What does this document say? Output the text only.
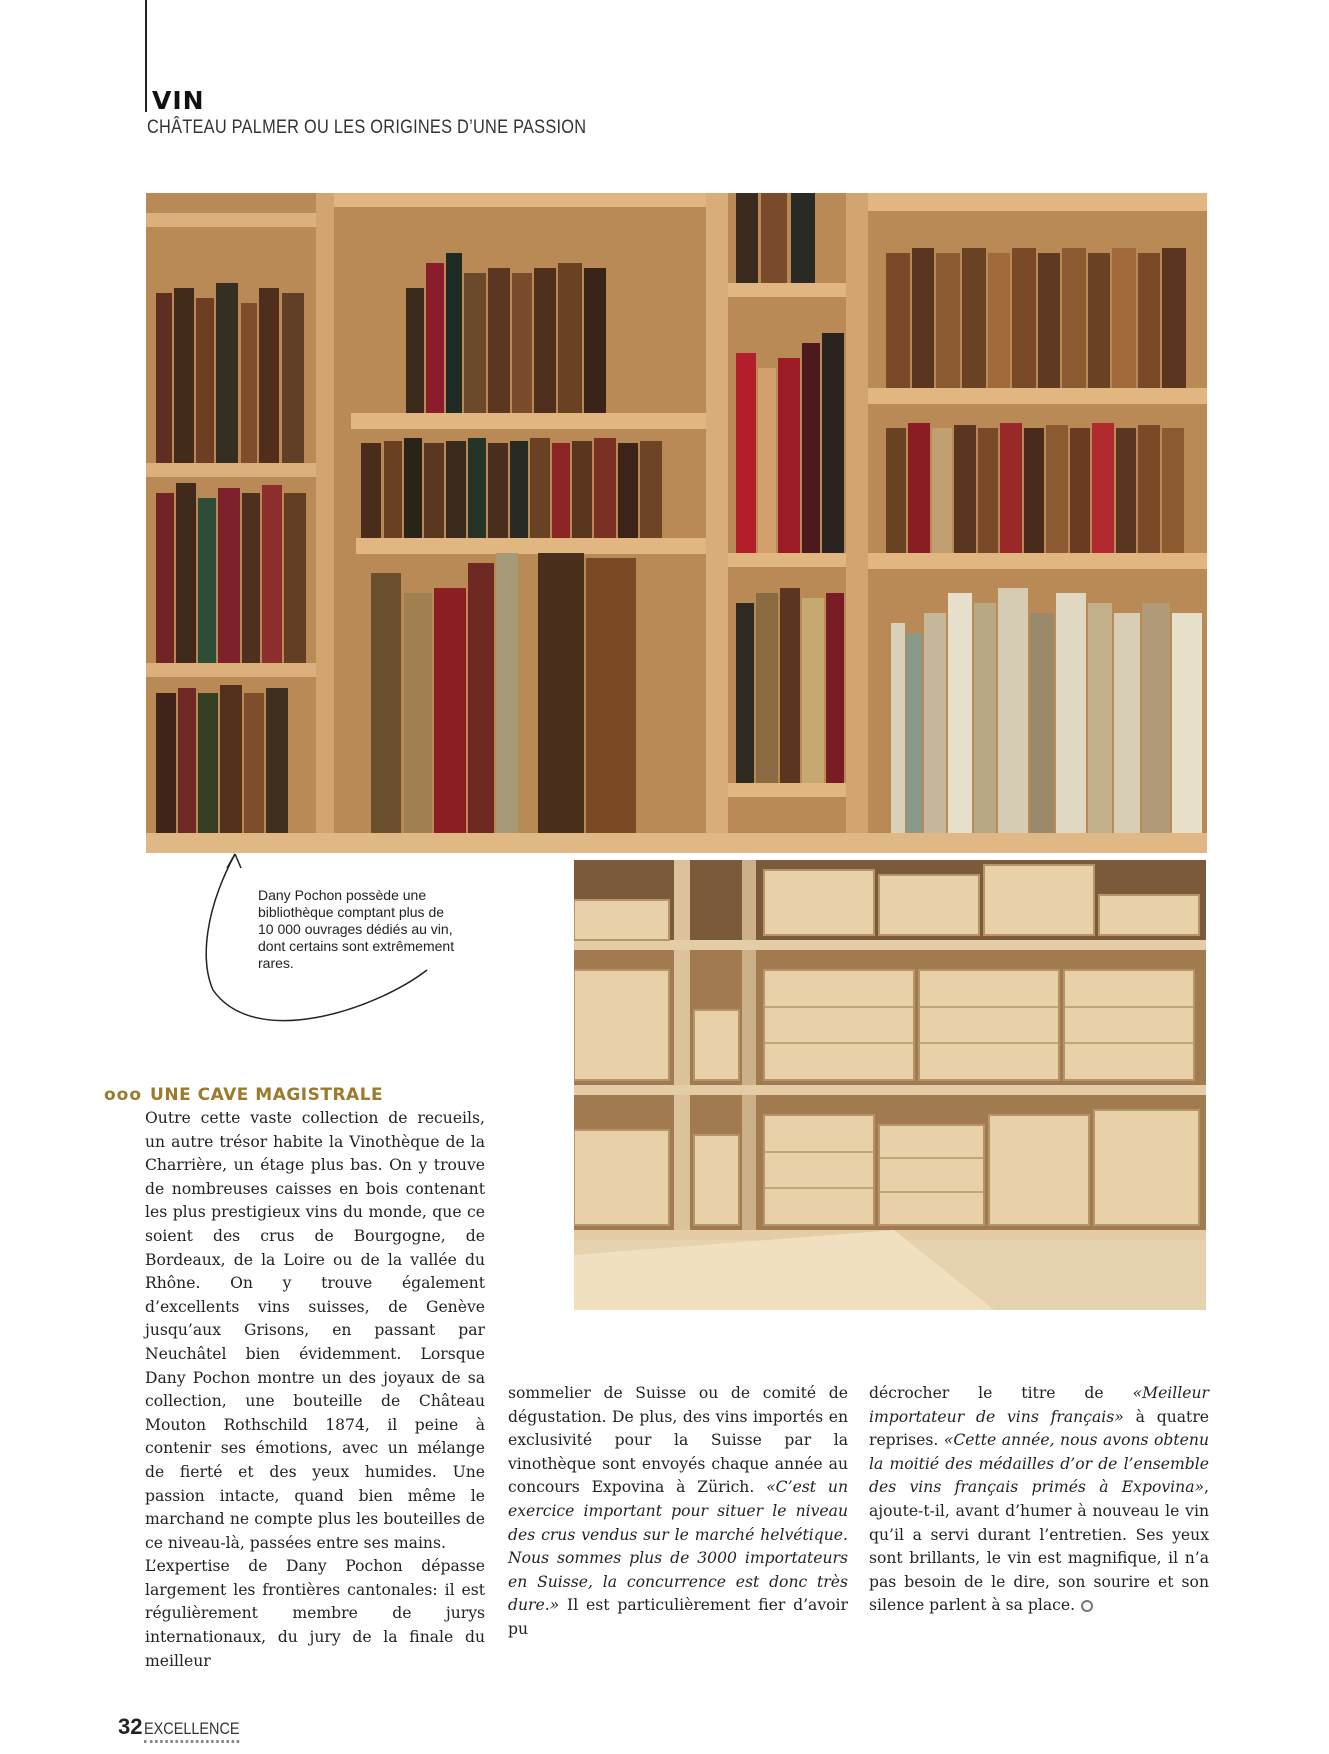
VIN
CHÂTEAU PALMER OU LES ORIGINES D’UNE PASSION
Dany Pochon possède une bibliothèque comptant plus de 10 000 ouvrages dédiés au vin, dont certains sont extrêmement rares.
ooo UNE CAVE MAGISTRALE

Outre cette vaste collection de recueils, un autre trésor habite la Vinothèque de la Charrière, un étage plus bas. On y trouve de nombreuses caisses en bois contenant les plus prestigieux vins du monde, que ce soient des crus de Bourgogne, de Bordeaux, de la Loire ou de la vallée du Rhône. On y trouve également d’excellents vins suisses, de Genève jusqu’aux Grisons, en passant par Neuchâtel bien évidemment. Lorsque Dany Pochon montre un des joyaux de sa collection, une bouteille de Château Mouton Rothschild 1874, il peine à contenir ses émotions, avec un mélange de fierté et des yeux humides. Une passion intacte, quand bien même le marchand ne compte plus les bouteilles de ce niveau-là, passées entre ses mains.

L’expertise de Dany Pochon dépasse largement les frontières cantonales: il est régulièrement membre de jurys internationaux, du jury de la finale du meilleur

sommelier de Suisse ou de comité de dégustation. De plus, des vins importés en exclusivité pour la Suisse par la vinothèque sont envoyés chaque année au concours Expovina à Zürich. «C’est un exercice important pour situer le niveau des crus vendus sur le marché helvétique. Nous sommes plus de 3000 importateurs en Suisse, la concurrence est donc très dure.» Il est particulièrement fier d’avoir pu

décrocher le titre de «Meilleur importateur de vins français» à quatre reprises. «Cette année, nous avons obtenu la moitié des médailles d’or de l’ensemble des vins français primés à Expovina», ajoute-t-il, avant d’humer à nouveau le vin qu’il a servi durant l’entretien. Ses yeux sont brillants, le vin est magnifique, il n’a pas besoin de le dire, son sourire et son silence parlent à sa place.

32 EXCELLENCE
